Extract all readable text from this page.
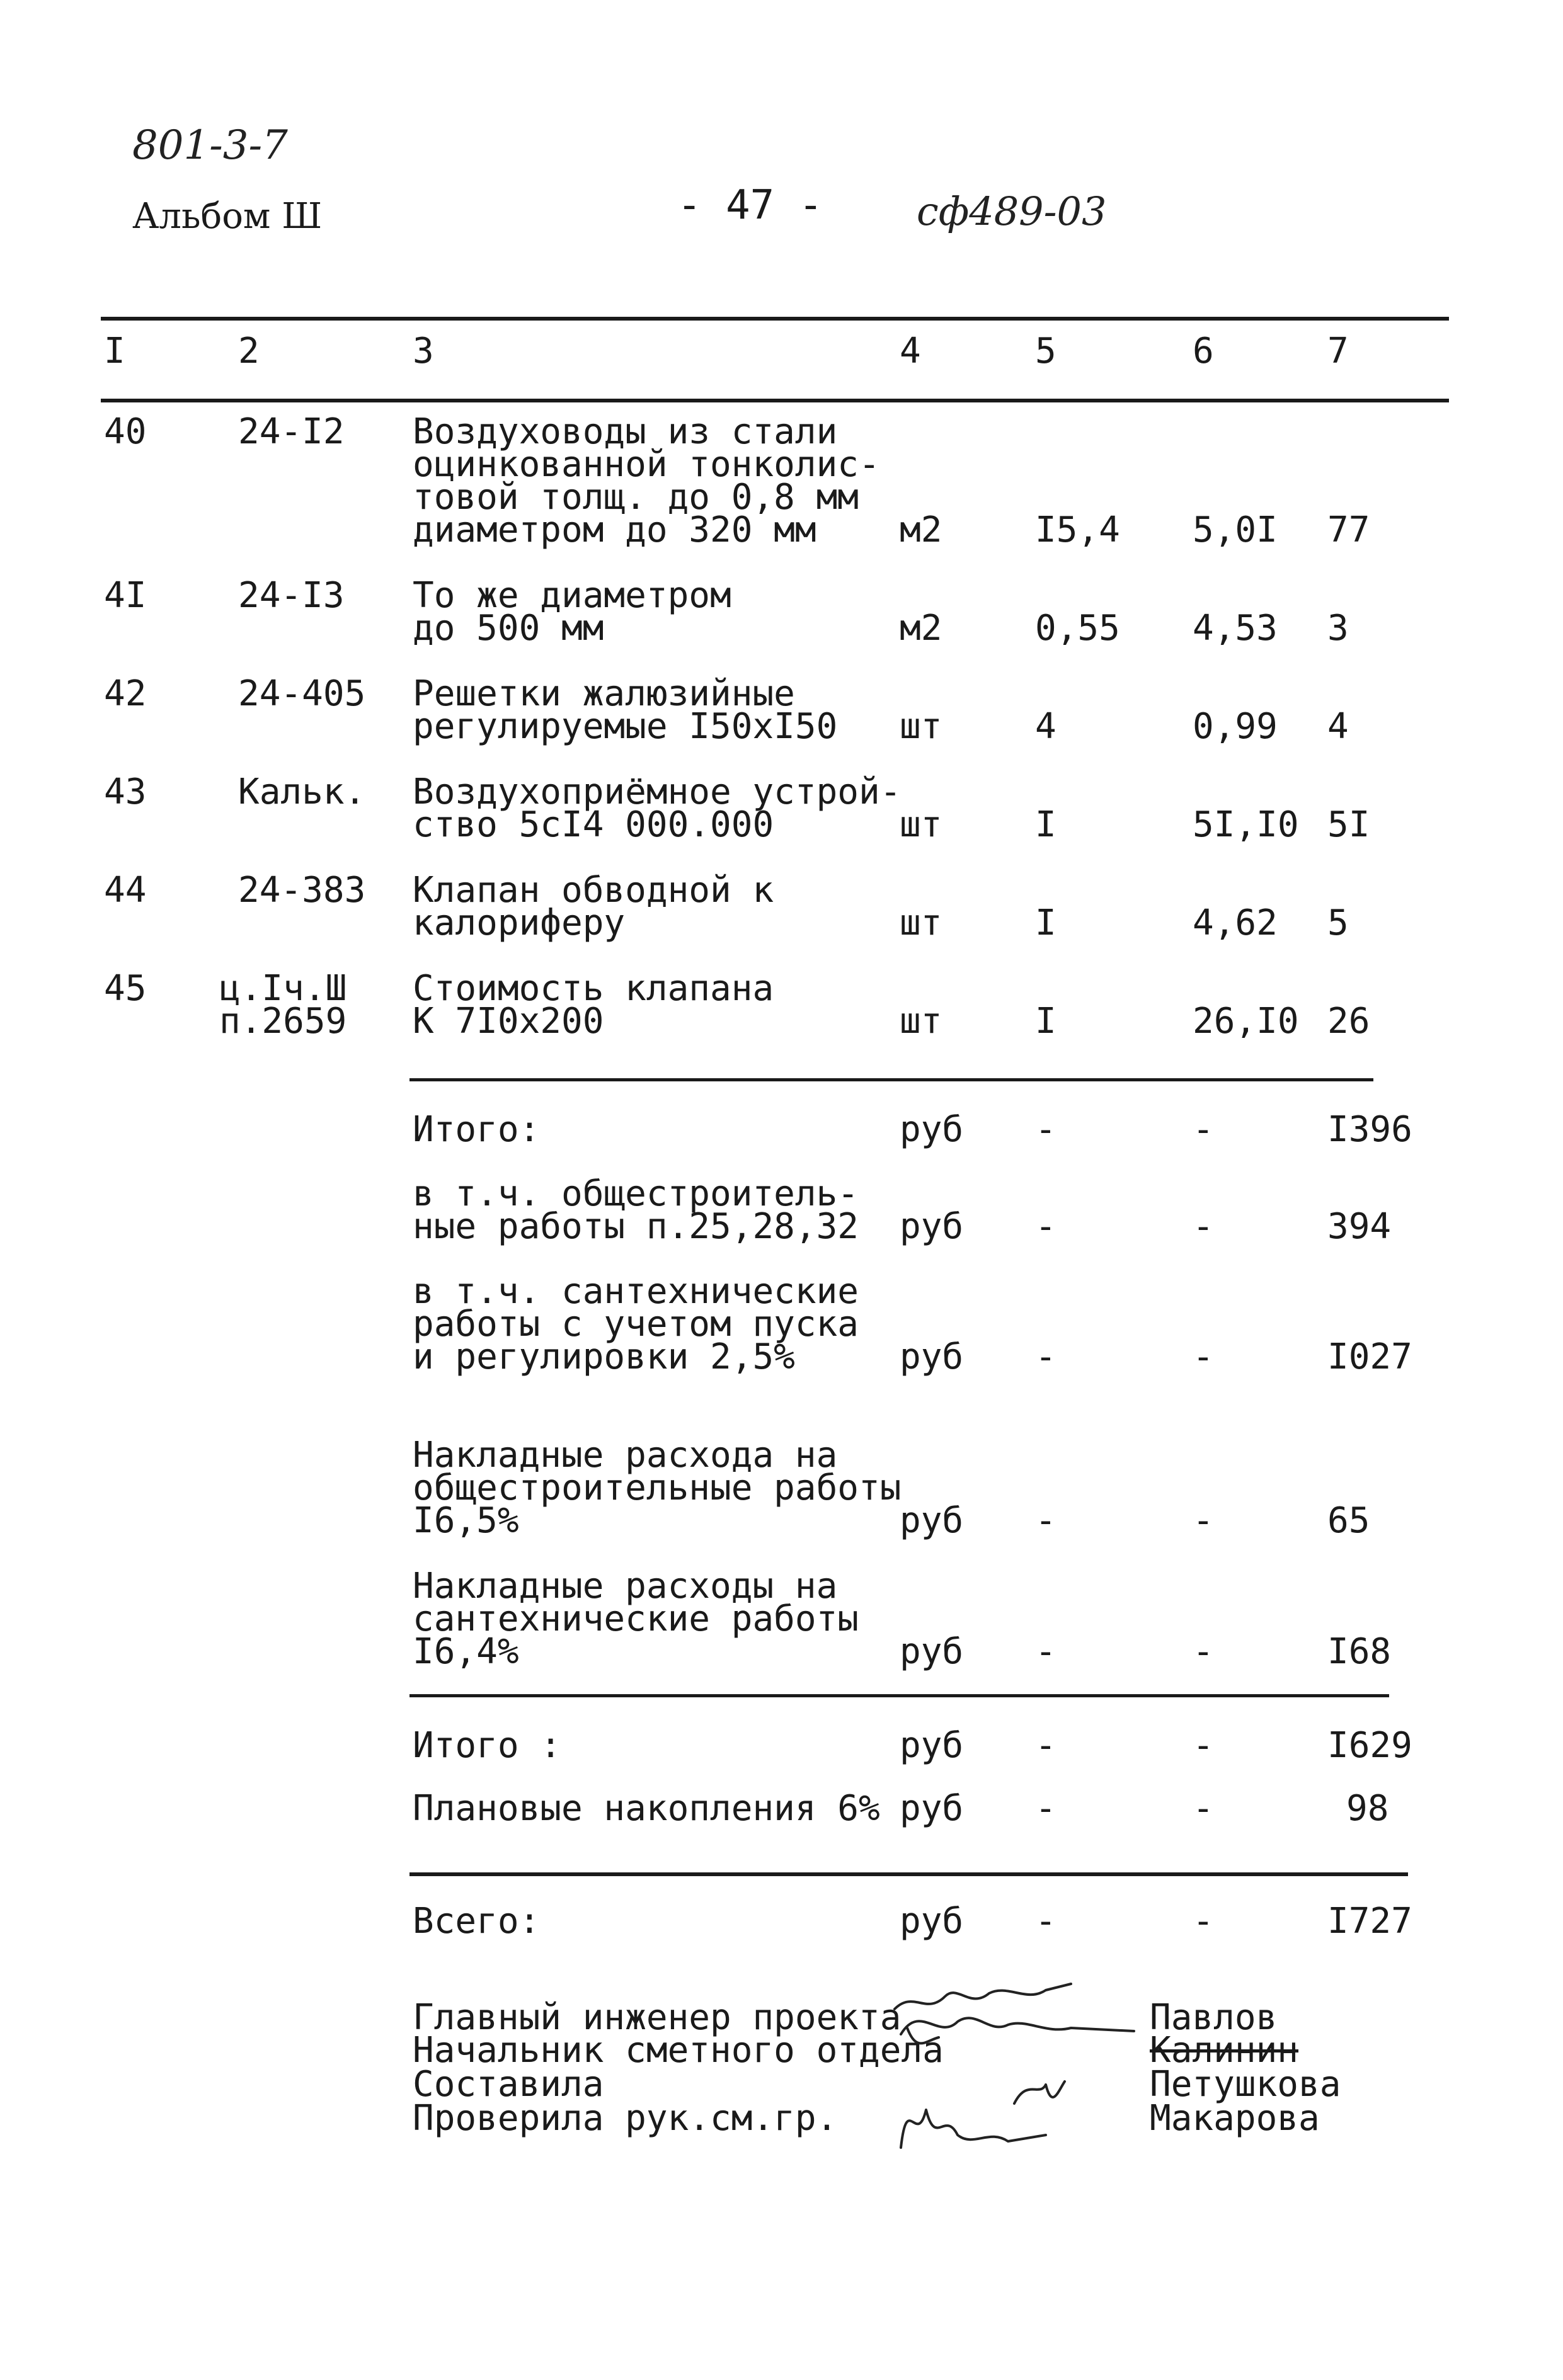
801-3-7
Альбом Ш	- 47 - сф489-03
I	2	3	4	5	6	7
40	24-I2 Воздуховоды из стали
оцинкованной тонколис-
товой толщ. до 0,8 мм
диаметром до 320 мм	м2	I5,4 5,0I 77
4I	24-I3 То же диаметром
до 500 мм	м2	0,55 4,53 3
42	24-405 Решетки жалюзийные
регулируемые I50xI50 шт	4	0,99 4
43	Кальк. Воздухоприёмное устрой-
ство 5cI4 000.000	шт	I	5I,I0 5I
44	24-383 Клапан обводной к
калориферу	шт	I	4,62 5
45 ц.Iч.Ш
п.2659
Стоимость клапана
К 7I0x200	шт	I	26,I0 26
Итого:	руб -	-	I396
в т.ч. общестроитель-
ные работы п.25,28,32 руб -	-	394
в т.ч. сантехнические
работы с учетом пуска
и регулировки 2,5%	руб -	-	I027
Накладные расхода на
общестроительные работы
I6,5%	руб -	-	65
Накладные расходы на
сантехнические работы
I6,4%	руб -	-	I68
Итого :	руб -	-	I629
Плановые накопления 6% руб -	-	98
Всего:	руб -	-	I727
Главный инженер проекта	Павлов
Начальник сметного отдела	Калинин
Составила	Петушкова
Проверила рук.см.гр.	Макарова
